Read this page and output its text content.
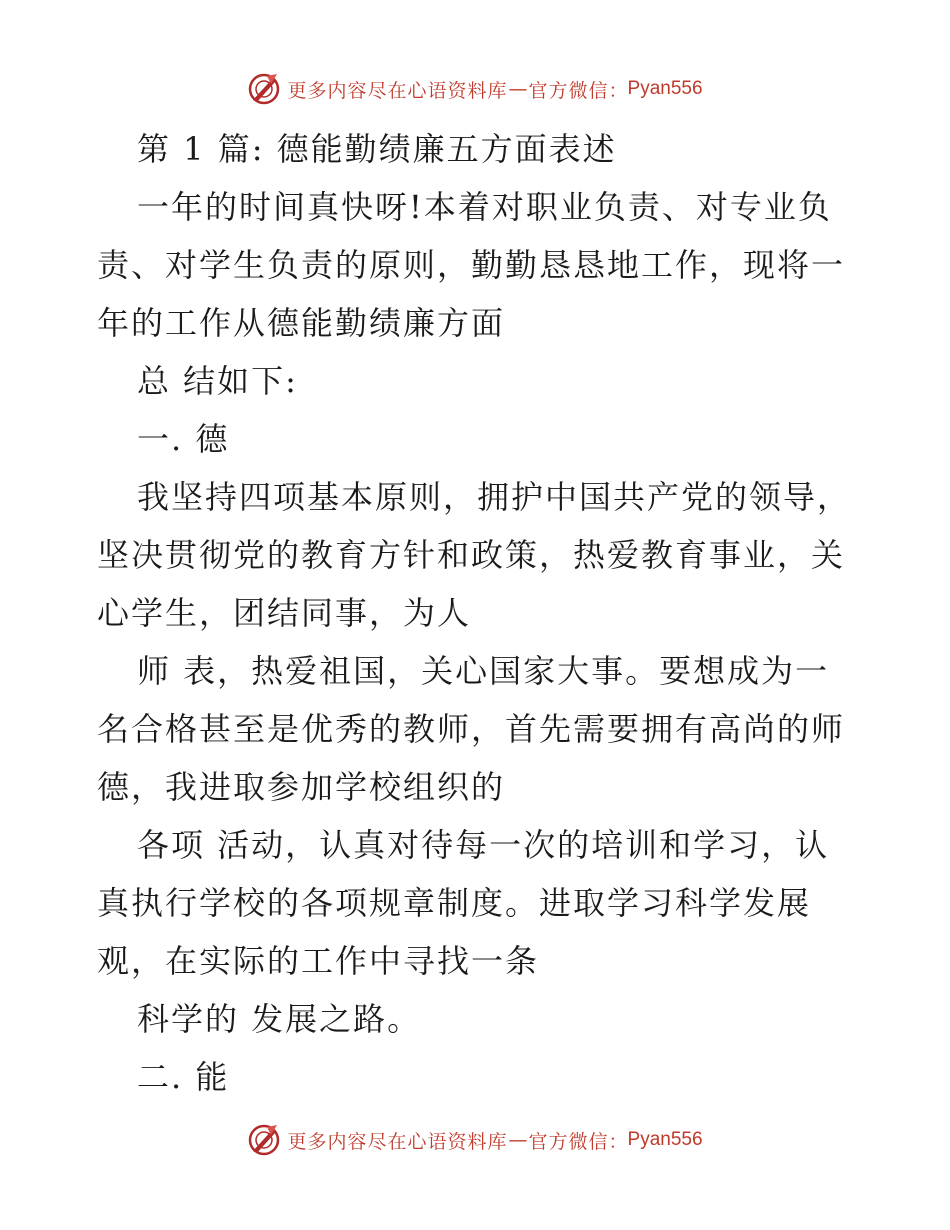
更多内容尽在心语资料库 — 官方微信 ： Pyan556

第 1 篇: 德能勤绩廉五方面表述

一年的时间真快呀!本着对职业负责、对专业负责、对学生负责的原则，勤勤恳恳地工作，现将一年的工作从德能勤绩廉方面

总 结如下:

一. 德

我坚持四项基本原则，拥护中国共产党的领导，坚决贯彻党的教育方针和政策，热爱教育事业，关心学生，团结同事，为人

师 表，热爱祖国，关心国家大事。要想成为一名合格甚至是优秀的教师，首先需要拥有高尚的师德，我进取参加学校组织的

各项 活动，认真对待每一次的培训和学习，认真执行学校的各项规章制度。进取学习科学发展观，在实际的工作中寻找一条

科学的 发展之路。

二. 能

更多内容尽在心语资料库 — 官方微信 ： Pyan556
